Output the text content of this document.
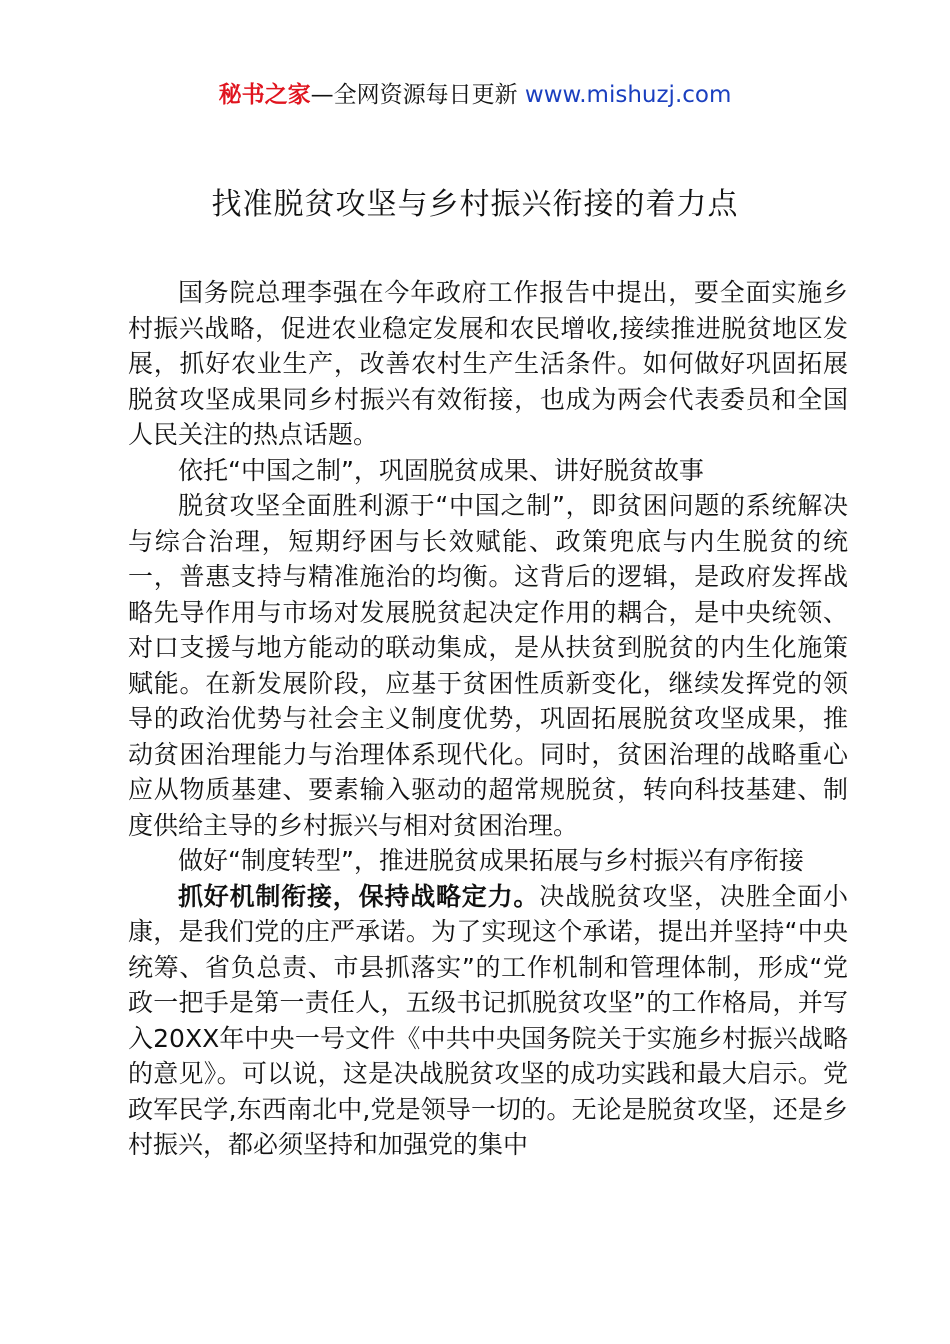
秘书之家—全网资源每日更新 www.mishuzj.com
找准脱贫攻坚与乡村振兴衔接的着力点

国务院总理李强在今年政府工作报告中提出，要全面实施乡村振兴战略，促进农业稳定发展和农民增收,接续推进脱贫地区发展，抓好农业生产，改善农村生产生活条件。如何做好巩固拓展脱贫攻坚成果同乡村振兴有效衔接，也成为两会代表委员和全国人民关注的热点话题。

依托“中国之制”，巩固脱贫成果、讲好脱贫故事

脱贫攻坚全面胜利源于“中国之制”，即贫困问题的系统解决与综合治理，短期纾困与长效赋能、政策兜底与内生脱贫的统一，普惠支持与精准施治的均衡。这背后的逻辑，是政府发挥战略先导作用与市场对发展脱贫起决定作用的耦合，是中央统领、对口支援与地方能动的联动集成，是从扶贫到脱贫的内生化施策赋能。在新发展阶段，应基于贫困性质新变化，继续发挥党的领导的政治优势与社会主义制度优势，巩固拓展脱贫攻坚成果，推动贫困治理能力与治理体系现代化。同时，贫困治理的战略重心应从物质基建、要素输入驱动的超常规脱贫，转向科技基建、制度供给主导的乡村振兴与相对贫困治理。

做好“制度转型”，推进脱贫成果拓展与乡村振兴有序衔接

抓好机制衔接，保持战略定力。决战脱贫攻坚，决胜全面小康，是我们党的庄严承诺。为了实现这个承诺，提出并坚持“中央统筹、省负总责、市县抓落实”的工作机制和管理体制，形成“党政一把手是第一责任人，五级书记抓脱贫攻坚”的工作格局，并写入20XX年中央一号文件《中共中央国务院关于实施乡村振兴战略的意见》。可以说，这是决战脱贫攻坚的成功实践和最大启示。党政军民学,东西南北中,党是领导一切的。无论是脱贫攻坚，还是乡村振兴，都必须坚持和加强党的集中
